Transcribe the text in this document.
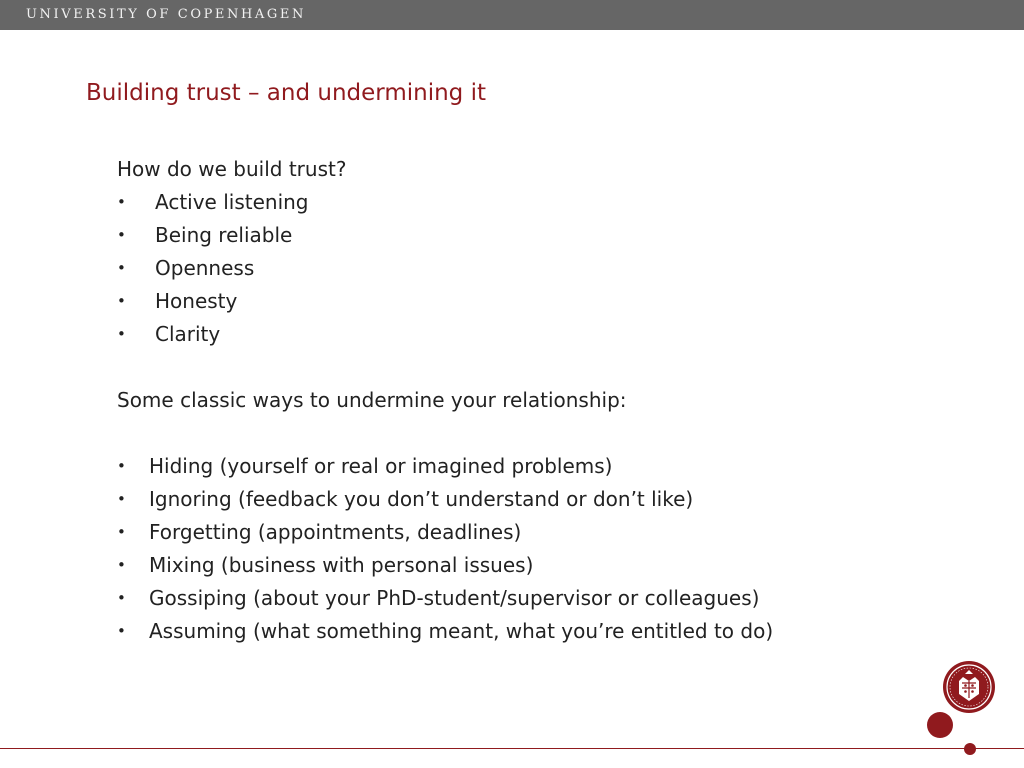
UNIVERSITY OF COPENHAGEN
Building trust – and undermining it
How do we build trust?
• Active listening
• Being reliable
• Openness
• Honesty
• Clarity
Some classic ways to undermine your relationship:
• Hiding (yourself or real or imagined problems)
• Ignoring (feedback you don’t understand or don’t like)
• Forgetting (appointments, deadlines)
• Mixing (business with personal issues)
• Gossiping (about your PhD-student/supervisor or colleagues)
• Assuming (what something meant, what you’re entitled to do)
